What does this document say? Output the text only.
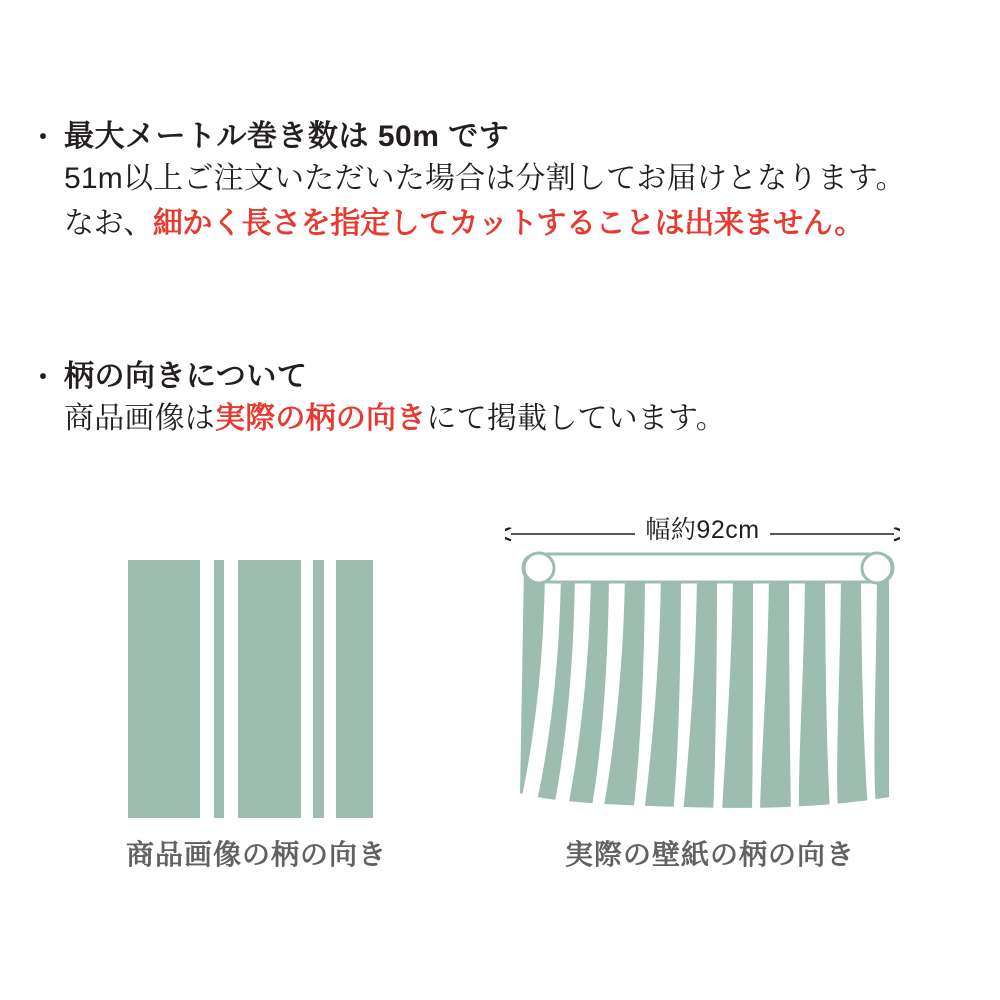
・ 最大メートル巻き数は 50m です
51m以上ご注文いただいた場合は分割してお届けとなります。
なお、細かく長さを指定してカットすることは出来ません。
・ 柄の向きについて
商品画像は実際の柄の向きにて掲載しています。
幅約92cm
商品画像の柄の向き	実際の壁紙の柄の向き
